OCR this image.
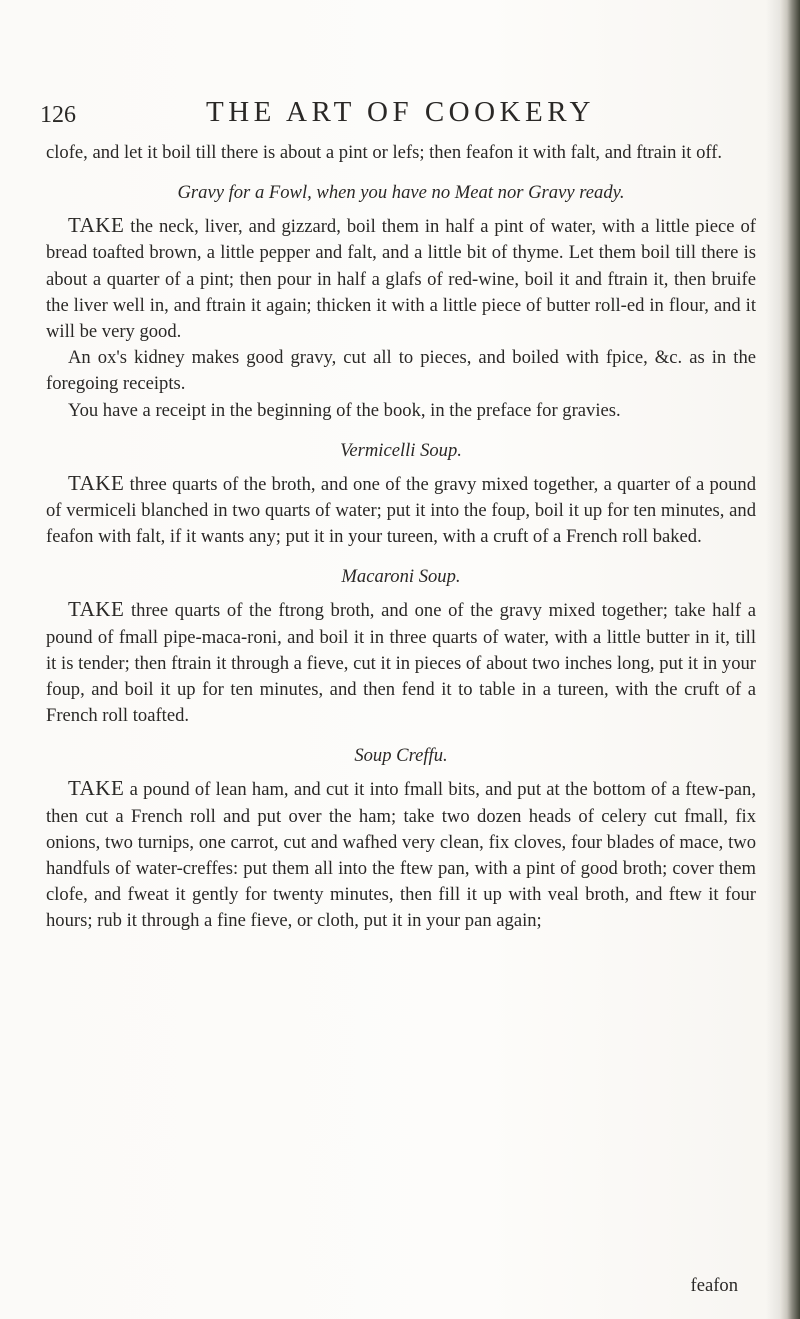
126	THE ART OF COOKERY

clofe, and let it boil till there is about a pint or lefs; then feafon it with falt, and ftrain it off.

Gravy for a Fowl, when you have no Meat nor Gravy ready.

TAKE the neck, liver, and gizzard, boil them in half a pint of water, with a little piece of bread toafted brown, a little pepper and falt, and a little bit of thyme. Let them boil till there is about a quarter of a pint; then pour in half a glafs of red-wine, boil it and ftrain it, then bruife the liver well in, and ftrain it again; thicken it with a little piece of butter roll-ed in flour, and it will be very good.

An ox's kidney makes good gravy, cut all to pieces, and boiled with fpice, &c. as in the foregoing receipts.

You have a receipt in the beginning of the book, in the preface for gravies.

Vermicelli Soup.

TAKE three quarts of the broth, and one of the gravy mixed together, a quarter of a pound of vermiceli blanched in two quarts of water; put it into the foup, boil it up for ten minutes, and feafon with falt, if it wants any; put it in your tureen, with a cruft of a French roll baked.

Macaroni Soup.

TAKE three quarts of the ftrong broth, and one of the gravy mixed together; take half a pound of fmall pipe-maca-roni, and boil it in three quarts of water, with a little butter in it, till it is tender; then ftrain it through a fieve, cut it in pieces of about two inches long, put it in your foup, and boil it up for ten minutes, and then fend it to table in a tureen, with the cruft of a French roll toafted.

Soup Creffu.

TAKE a pound of lean ham, and cut it into fmall bits, and put at the bottom of a ftew-pan, then cut a French roll and put over the ham; take two dozen heads of celery cut fmall, fix onions, two turnips, one carrot, cut and wafhed very clean, fix cloves, four blades of mace, two handfuls of water-creffes: put them all into the ftew pan, with a pint of good broth; cover them clofe, and fweat it gently for twenty minutes, then fill it up with veal broth, and ftew it four hours; rub it through a fine fieve, or cloth, put it in your pan again;

feafon
